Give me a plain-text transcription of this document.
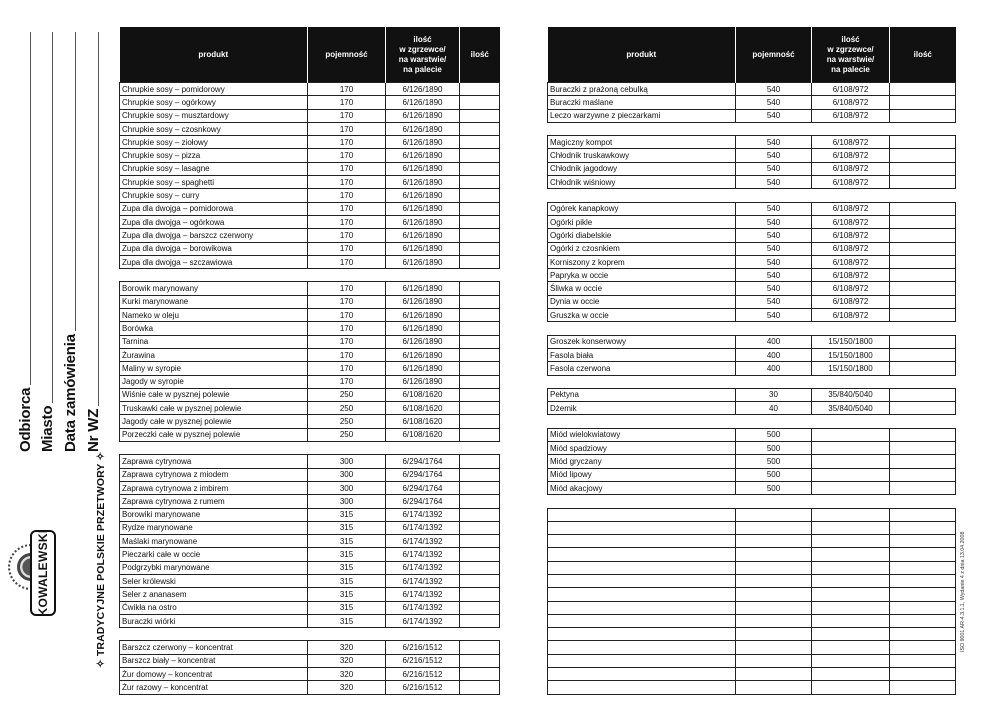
Odbiorca Miasto Data zamówienia Nr WZ
KOWALEWSKI	✧ TRADYCYJNE POLSKIE PRZETWORY ✧
produkt	pojemność	ilość
w zgrzewce/
na warstwie/
na palecie	ilość
Chrupkie sosy – pomidorowy	170	6/126/1890	
Chrupkie sosy – ogórkowy	170	6/126/1890	
Chrupkie sosy – musztardowy	170	6/126/1890	
Chrupkie sosy – czosnkowy	170	6/126/1890	
Chrupkie sosy – ziołowy	170	6/126/1890	
Chrupkie sosy – pizza	170	6/126/1890	
Chrupkie sosy – lasagne	170	6/126/1890	
Chrupkie sosy – spaghetti	170	6/126/1890	
Chrupkie sosy – curry	170	6/126/1890	
Zupa dla dwojga – pomidorowa	170	6/126/1890	
Zupa dla dwojga – ogórkowa	170	6/126/1890	
Zupa dla dwojga – barszcz czerwony	170	6/126/1890	
Zupa dla dwojga – borowikowa	170	6/126/1890	
Zupa dla dwojga – szczawiowa	170	6/126/1890	

Borowik marynowany	170	6/126/1890	
Kurki marynowane	170	6/126/1890	
Nameko w oleju	170	6/126/1890	
Borówka	170	6/126/1890	
Tarnina	170	6/126/1890	
Żurawina	170	6/126/1890	
Maliny w syropie	170	6/126/1890	
Jagody w syropie	170	6/126/1890	
Wiśnie całe w pysznej polewie	250	6/108/1620	
Truskawki całe w pysznej polewie	250	6/108/1620	
Jagody całe w pysznej polewie	250	6/108/1620	
Porzeczki całe w pysznej polewie	250	6/108/1620	

Zaprawa cytrynowa	300	6/294/1764	
Zaprawa cytrynowa z miodem	300	6/294/1764	
Zaprawa cytrynowa z imbirem	300	6/294/1764	
Zaprawa cytrynowa z rumem	300	6/294/1764	
Borowiki marynowane	315	6/174/1392	
Rydze marynowane	315	6/174/1392	
Maślaki marynowane	315	6/174/1392	
Pieczarki całe w occie	315	6/174/1392	
Podgrzybki marynowane	315	6/174/1392	
Seler królewski	315	6/174/1392	
Seler z ananasem	315	6/174/1392	
Ćwikła na ostro	315	6/174/1392	
Buraczki wiórki	315	6/174/1392	

Barszcz czerwony – koncentrat	320	6/216/1512	
Barszcz biały – koncentrat	320	6/216/1512	
Żur domowy – koncentrat	320	6/216/1512	
Żur razowy – koncentrat	320	6/216/1512	
produkt	pojemność	ilość
w zgrzewce/
na warstwie/
na palecie	ilość
Buraczki z prażoną cebulką	540	6/108/972	
Buraczki maślane	540	6/108/972	
Leczo warzywne z pieczarkami	540	6/108/972	

Magiczny kompot	540	6/108/972	
Chłodnik truskawkowy	540	6/108/972	
Chłodnik jagodowy	540	6/108/972	
Chłodnik wiśniowy	540	6/108/972	

Ogórek kanapkowy	540	6/108/972	
Ogórki pikle	540	6/108/972	
Ogórki diabelskie	540	6/108/972	
Ogórki z czosnkiem	540	6/108/972	
Korniszony z koprem	540	6/108/972	
Papryka w occie	540	6/108/972	
Śliwka w occie	540	6/108/972	
Dynia w occie	540	6/108/972	
Gruszka w occie	540	6/108/972	

Groszek konserwowy	400	15/150/1800	
Fasola biała	400	15/150/1800	
Fasola czerwona	400	15/150/1800	

Pektyna	30	35/840/5040	
Dżemik	40	35/840/5040	

Miód wielokwiatowy	500		
Miód spadziowy	500		
Miód gryczany	500		
Miód lipowy	500		
Miód akacjowy	500		

ISO 9001 AR-4.3.1.1, Wydanie 4 z dnia 13.04.2008
